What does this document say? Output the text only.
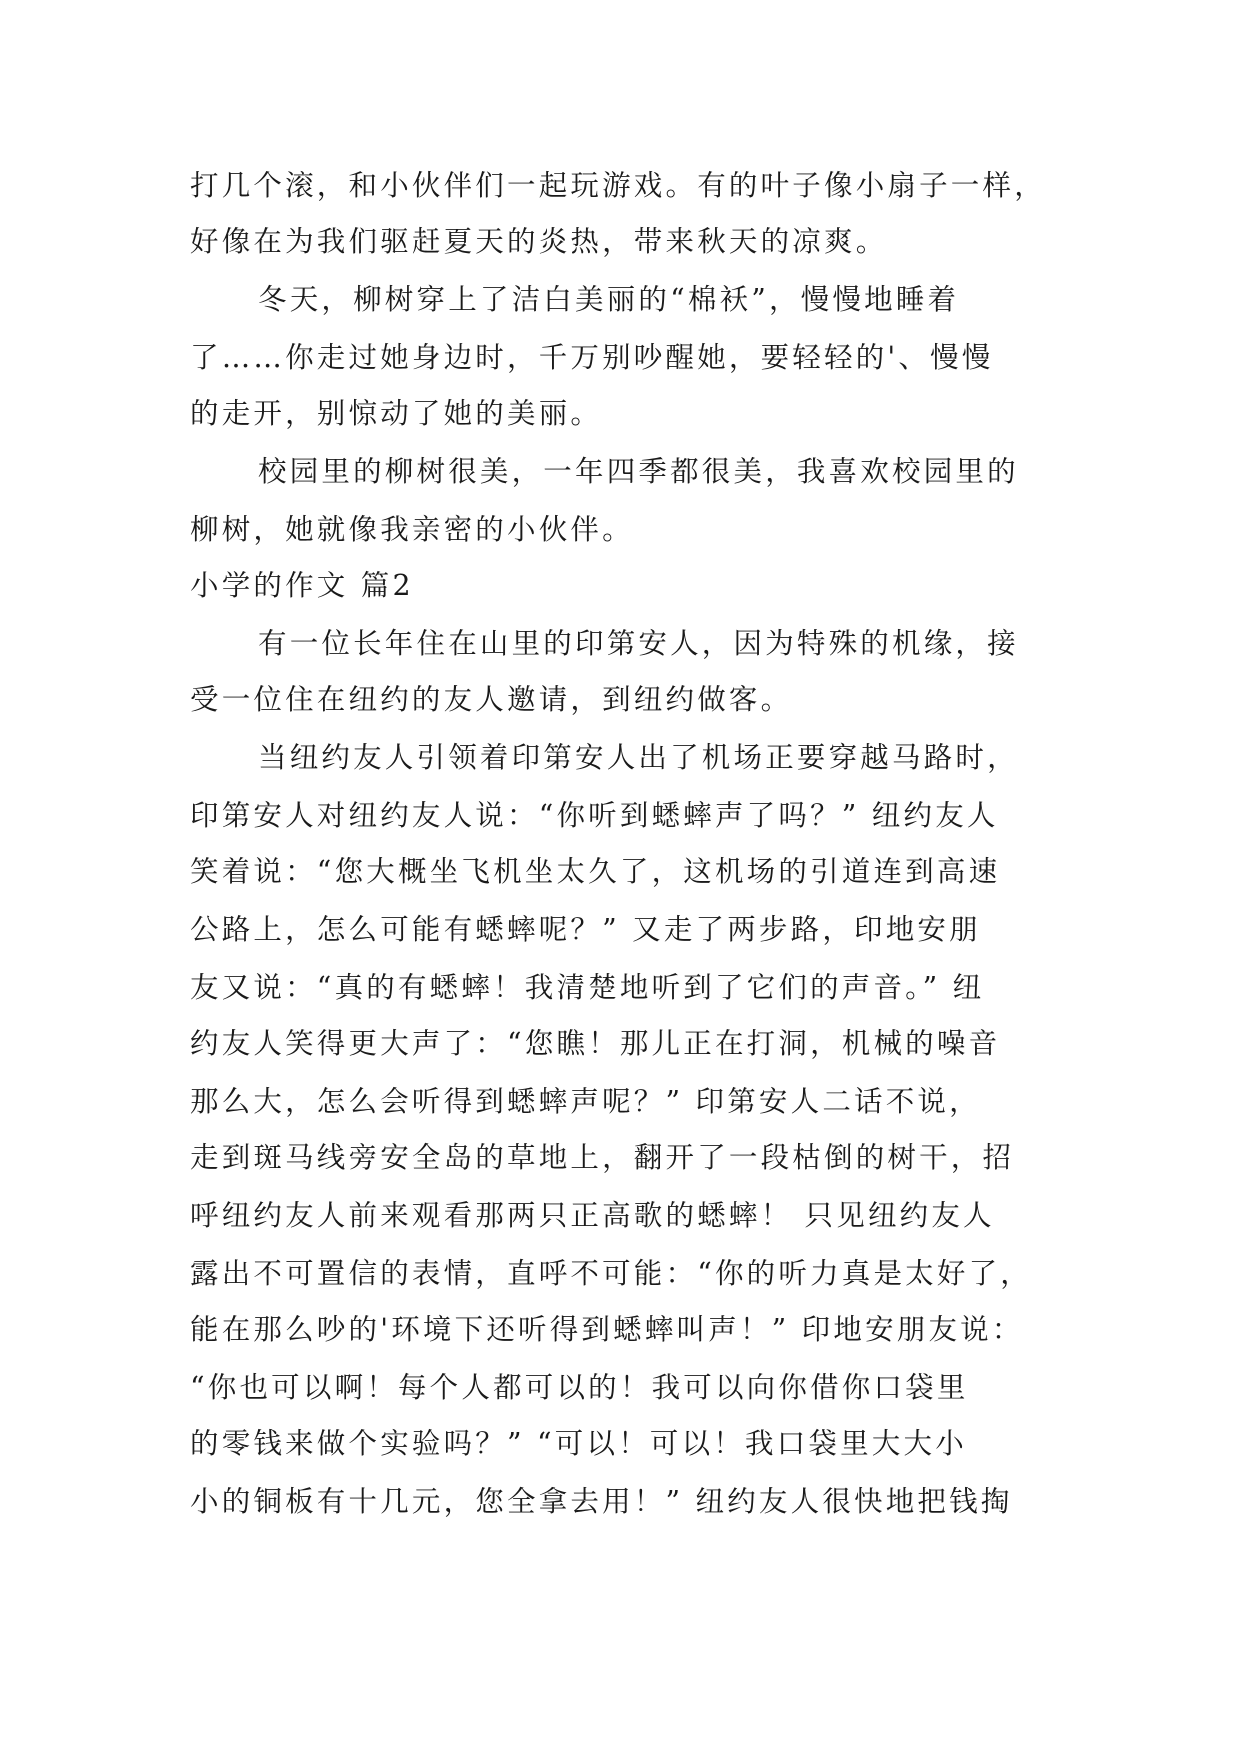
打几个滚，和小伙伴们一起玩游戏。有的叶子像小扇子一样，
好像在为我们驱赶夏天的炎热，带来秋天的凉爽。
冬天，柳树穿上了洁白美丽的“棉袄”，慢慢地睡着
了……你走过她身边时，千万别吵醒她，要轻轻的'、慢慢
的走开，别惊动了她的美丽。
校园里的柳树很美，一年四季都很美，我喜欢校园里的
柳树，她就像我亲密的小伙伴。
小学的作文 篇2
有一位长年住在山里的印第安人，因为特殊的机缘，接
受一位住在纽约的友人邀请，到纽约做客。
当纽约友人引领着印第安人出了机场正要穿越马路时，
印第安人对纽约友人说：“你听到蟋蟀声了吗？” 纽约友人
笑着说：“您大概坐飞机坐太久了，这机场的引道连到高速
公路上，怎么可能有蟋蟀呢？” 又走了两步路，印地安朋
友又说：“真的有蟋蟀！我清楚地听到了它们的声音。” 纽
约友人笑得更大声了：“您瞧！那儿正在打洞，机械的噪音
那么大，怎么会听得到蟋蟀声呢？” 印第安人二话不说，
走到斑马线旁安全岛的草地上，翻开了一段枯倒的树干，招
呼纽约友人前来观看那两只正高歌的蟋蟀！ 只见纽约友人
露出不可置信的表情，直呼不可能：“你的听力真是太好了，
能在那么吵的'环境下还听得到蟋蟀叫声！” 印地安朋友说：
“你也可以啊！每个人都可以的！我可以向你借你口袋里
的零钱来做个实验吗？” “可以！可以！我口袋里大大小
小的铜板有十几元，您全拿去用！” 纽约友人很快地把钱掏
